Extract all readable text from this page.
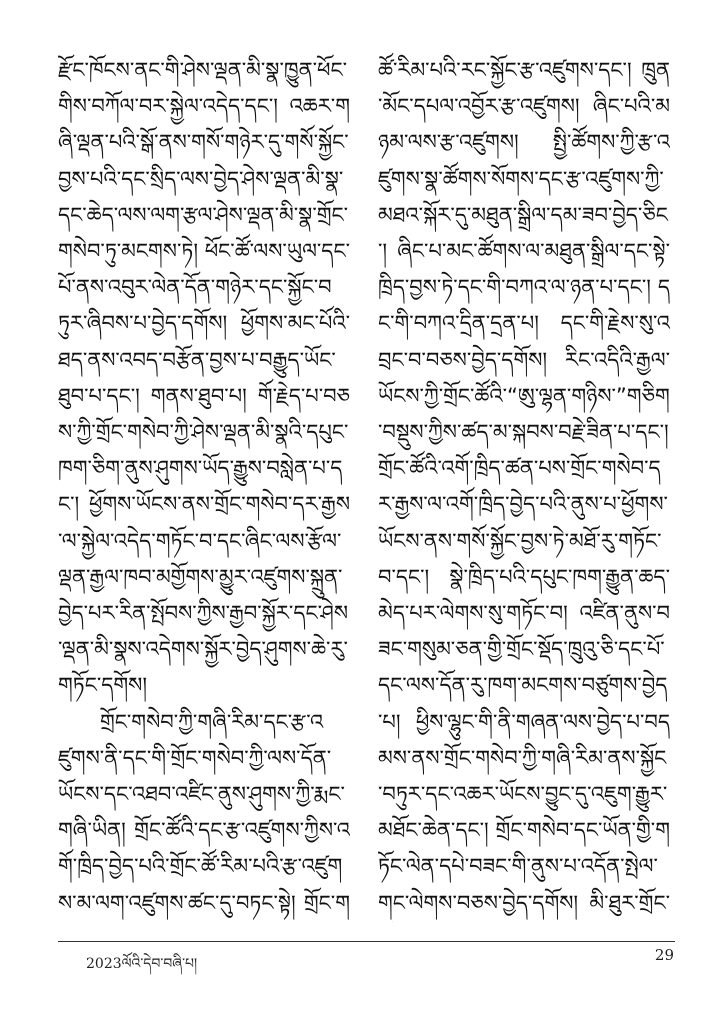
རྫོང་ཁོངས་ནང་གི་ཤེས་ལྡན་མི་སྣ་ཁྱུན་ཕོང་གིས་བཀོལ་བར་སྐྱེལ་འདེད་དང་། འཆར་གཞི་ལྡན་པའི་སྒོ་ནས་གསོ་གཉེར་དུ་གསོ་སྐྱོང་བྱས་པའི་དང་སྲིད་ལས་བྱེད་ཤེས་ལྡན་མི་སྣ་དང་ཆེད་ལས་ལག་རྩལ་ཤེས་ལྡན་མི་སྣ་གྲོང་གསེབ་ཏུ་མངགས་ཏེ། ཕོང་ཚོ་ལས་ཡུལ་དང་པོ་ནས་འབུར་ལེན་དོན་གཉེར་དང་སྐྱོང་བཏུར་ཞིབས་པ་བྱེད་དགོས། ཕྱོགས་མང་པོའི་ཐད་ནས་འབད་བརྩོན་བྱས་པ་བརྒྱུད་ཡོང་ཐུབ་པ་དང་། གནས་ཐུབ་པ། གོ་རྗེད་པ་བཅས་ཀྱི་གྲོང་གསེབ་ཀྱི་ཤེས་ལྡན་མི་སྣའི་དཔུང་ཁག་ཅིག་ནུས་ཤུགས་ཡོད་རྒྱུས་བསླེན་པ་དང་། ཕྱོགས་ཡོངས་ནས་གྲོང་གསེབ་དར་རྒྱས་ལ་སྐྱེལ་འདེད་གཏོང་བ་དང་ཞིང་ལས་རྩོལ་ལྡན་རྒྱལ་ཁབ་མགྱོགས་མྱུར་འཛུགས་སྐྲུན་བྱེད་པར་རིན་སྤོབས་ཀྱིས་རྒྱབ་སྐྱོར་དང་ཤེས་ལྡན་མི་སྣས་འདེགས་སྐྱོར་བྱེད་ཤུགས་ཆེ་རུ་གཏོང་དགོས།

གྲོང་གསེབ་ཀྱི་གཞི་རིམ་དང་རྩ་འཛུགས་ནི་དང་གི་གྲོང་གསེབ་ཀྱི་ལས་དོན་ཡོངས་དང་འཐབ་འཛིང་ནུས་ཤུགས་ཀྱི་རྨང་གཞི་ཡིན། གྲོང་ཚོའི་དང་རྩ་འཛུགས་ཀྱིས་འགོ་ཁྲིད་བྱེད་པའི་གྲོང་ཚོ་རིམ་པའི་རྩ་འཛུགས་མ་ལག་འཛུགས་ཚང་དུ་བཏང་སྟེ། གྲོང་ག

ཚོ་རིམ་པའི་རང་སྐྱོང་རྩ་འཛུགས་དང་། ཁྲུན་མོང་དཔལ་འབྱོར་རྩ་འཛུགས། ཞིང་པའི་མཉམ་ལས་རྩ་འཛུགས། སྤྱི་ཚོགས་ཀྱི་རྩ་འཛུགས་སྣ་ཚོགས་སོགས་དང་རྩ་འཛུགས་ཀྱི་མཐའ་སྐོར་དུ་མཐུན་སྒྲིལ་དམ་ཟབ་བྱེད་ཅིང་། ཞིང་པ་མང་ཚོགས་ལ་མཐུན་སྒྲིལ་དང་སྟེ་ཁྲིད་བྱས་ཏེ་དང་གི་བཀའ་ལ་ཉན་པ་དང་། དང་གི་བཀའ་དྲིན་དྲན་པ། དང་གི་རྗེས་སུ་འབྲང་བ་བཅས་བྱེད་དགོས། རིང་འདིའི་རྒྱལ་ཡོངས་ཀྱི་གྲོང་ཚོའི་“ཨུ་ལྷན་གཉིས་”གཅིག་བསྡུས་ཀྱིས་ཚད་མ་སྐབས་བརྗེ་ཟིན་པ་དང་། གྲོང་ཚོའི་འགོ་ཁྲིད་ཚན་པས་གྲོང་གསེབ་དར་རྒྱས་ལ་འགོ་ཁྲིད་བྱེད་པའི་ནུས་པ་ཕྱོགས་ཡོངས་ནས་གསོ་སྐྱོང་བྱས་ཏེ་མཐོ་རུ་གཏོང་བ་དང་། སྣེ་ཁྲིད་པའི་དཔུང་ཁག་རྒྱུན་ཆད་མེད་པར་ལེགས་སུ་གཏོང་བ། འཛིན་ནུས་བཟང་གསུམ་ཅན་གྱི་གྲོང་སྡོད་ཁྲུའུ་ཅི་དང་པོ་དང་ལས་དོན་རུ་ཁག་མངགས་བཙུགས་བྱེད་པ། ཕྱིས་ལྷུང་གི་ནི་གཞན་ལས་བྱེད་པ་བདམས་ནས་གྲོང་གསེབ་ཀྱི་གཞི་རིམ་ནས་སྐྱོང་བཏུར་དང་འཆར་ཡོངས་བྱུང་དུ་འཇུག་རྒྱུར་མཐོང་ཆེན་དང་། གྲོང་གསེབ་དང་ཡོན་གྱི་གཏོང་ལེན་དཔེ་བཟང་གི་ནུས་པ་འདོན་སྤེལ་གང་ལེགས་བཅས་བྱེད་དགོས། མི་ཐུར་གྲོང་

2023ལོའི་དེབ་བཞི་པ།	29
